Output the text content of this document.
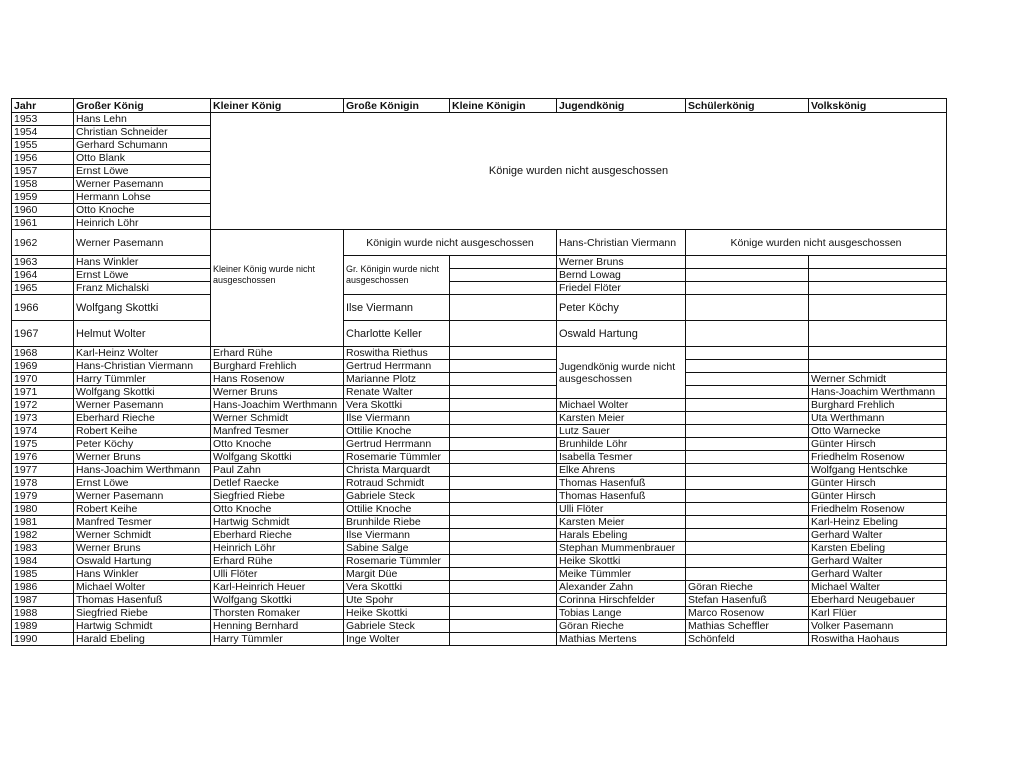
Jahr	Großer König	Kleiner König	Große Königin	Kleine Königin	Jugendkönig	Schülerkönig	Volkskönig
1953	Hans Lehn	Könige wurden nicht ausgeschossen					
1954	Christian Schneider						
1955	Gerhard Schumann						
1956	Otto Blank						
1957	Ernst Löwe						
1958	Werner Pasemann						
1959	Hermann Lohse						
1960	Otto Knoche						
1961	Heinrich Löhr						
1962	Werner Pasemann	Kleiner König wurde nicht ausgeschossen	Königin wurde nicht ausgeschossen		Hans-Christian Viermann	Könige wurden nicht ausgeschossen	
1963	Hans Winkler		Gr. Königin wurde nicht ausgeschossen		Werner Bruns		
1964	Ernst Löwe				Bernd Lowag		
1965	Franz Michalski				Friedel Flöter		
1966	Wolfgang Skottki		Ilse Viermann		Peter Köchy		
1967	Helmut Wolter		Charlotte Keller		Oswald Hartung		
1968	Karl-Heinz Wolter	Erhard Rühe	Roswitha Riethus		Jugendkönig wurde nicht ausgeschossen		
1969	Hans-Christian Viermann	Burghard Frehlich	Gertrud Herrmann				
1970	Harry Tümmler	Hans Rosenow	Marianne Plotz				Werner Schmidt
1971	Wolfgang Skottki	Werner Bruns	Renate Walter				Hans-Joachim Werthmann
1972	Werner Pasemann	Hans-Joachim Werthmann	Vera Skottki		Michael Wolter		Burghard Frehlich
1973	Eberhard Rieche	Werner Schmidt	Ilse Viermann		Karsten Meier		Uta Werthmann
1974	Robert Keihe	Manfred Tesmer	Ottilie Knoche		Lutz Sauer		Otto Warnecke
1975	Peter Köchy	Otto Knoche	Gertrud Herrmann		Brunhilde Löhr		Günter Hirsch
1976	Werner Bruns	Wolfgang Skottki	Rosemarie Tümmler		Isabella Tesmer		Friedhelm Rosenow
1977	Hans-Joachim Werthmann	Paul Zahn	Christa Marquardt		Elke Ahrens		Wolfgang Hentschke
1978	Ernst Löwe	Detlef Raecke	Rotraud Schmidt		Thomas Hasenfuß		Günter Hirsch
1979	Werner Pasemann	Siegfried Riebe	Gabriele Steck		Thomas Hasenfuß		Günter Hirsch
1980	Robert Keihe	Otto Knoche	Ottilie Knoche		Ulli Flöter		Friedhelm Rosenow
1981	Manfred Tesmer	Hartwig Schmidt	Brunhilde Riebe		Karsten Meier		Karl-Heinz Ebeling
1982	Werner Schmidt	Eberhard Rieche	Ilse Viermann		Harals Ebeling		Gerhard Walter
1983	Werner Bruns	Heinrich Löhr	Sabine Salge		Stephan Mummenbrauer		Karsten Ebeling
1984	Oswald Hartung	Erhard Rühe	Rosemarie Tümmler		Heike Skottki		Gerhard Walter
1985	Hans Winkler	Ulli Flöter	Margit Düe		Meike Tümmler		Gerhard Walter
1986	Michael Wolter	Karl-Heinrich Heuer	Vera Skottki		Alexander Zahn	Göran Rieche	Michael Walter
1987	Thomas Hasenfuß	Wolfgang Skottki	Ute Spohr		Corinna Hirschfelder	Stefan Hasenfuß	Eberhard Neugebauer
1988	Siegfried Riebe	Thorsten Romaker	Heike Skottki		Tobias Lange	Marco Rosenow	Karl Flüer
1989	Hartwig Schmidt	Henning Bernhard	Gabriele Steck		Göran Rieche	Mathias Scheffler	Volker Pasemann
1990	Harald Ebeling	Harry Tümmler	Inge Wolter		Mathias Mertens	Schönfeld	Roswitha Haohaus
